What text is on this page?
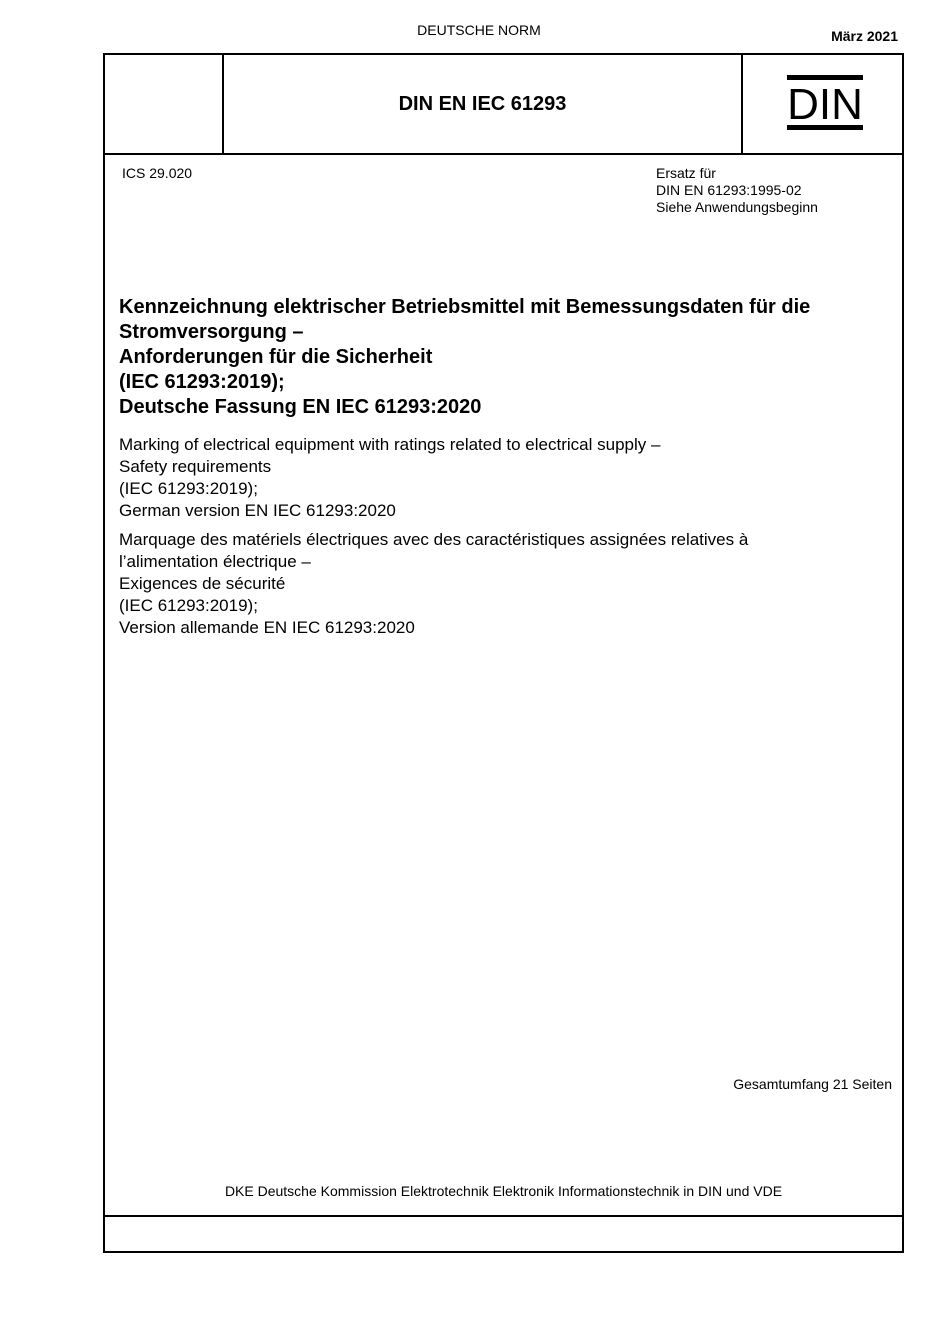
DEUTSCHE NORM	März 2021
DIN EN IEC 61293	DIN
ICS 29.020	Ersatz für
DIN EN 61293:1995-02
Siehe Anwendungsbeginn
Kennzeichnung elektrischer Betriebsmittel mit Bemessungsdaten für die
Stromversorgung –
Anforderungen für die Sicherheit
(IEC 61293:2019);
Deutsche Fassung EN IEC 61293:2020
Marking of electrical equipment with ratings related to electrical supply –
Safety requirements
(IEC 61293:2019);
German version EN IEC 61293:2020
Marquage des matériels électriques avec des caractéristiques assignées relatives à
l’alimentation électrique –
Exigences de sécurité
(IEC 61293:2019);
Version allemande EN IEC 61293:2020
Gesamtumfang 21 Seiten
DKE Deutsche Kommission Elektrotechnik Elektronik Informationstechnik in DIN und VDE
